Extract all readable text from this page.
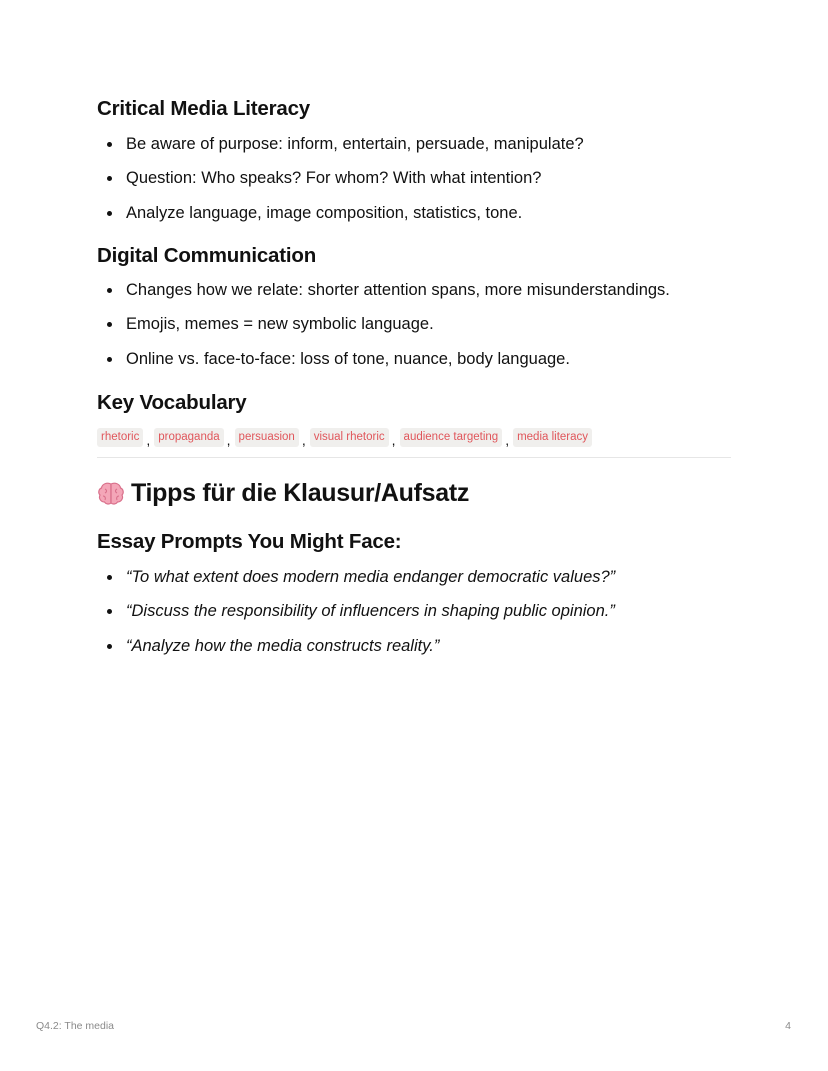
Critical Media Literacy
Be aware of purpose: inform, entertain, persuade, manipulate?
Question: Who speaks? For whom? With what intention?
Analyze language, image composition, statistics, tone.
Digital Communication
Changes how we relate: shorter attention spans, more misunderstandings.
Emojis, memes = new symbolic language.
Online vs. face-to-face: loss of tone, nuance, body language.
Key Vocabulary
rhetoric , propaganda , persuasion , visual rhetoric , audience targeting , media literacy
Tipps für die Klausur/Aufsatz
Essay Prompts You Might Face:
“To what extent does modern media endanger democratic values?”
“Discuss the responsibility of influencers in shaping public opinion.”
“Analyze how the media constructs reality.”
Q4.2: The media	4
